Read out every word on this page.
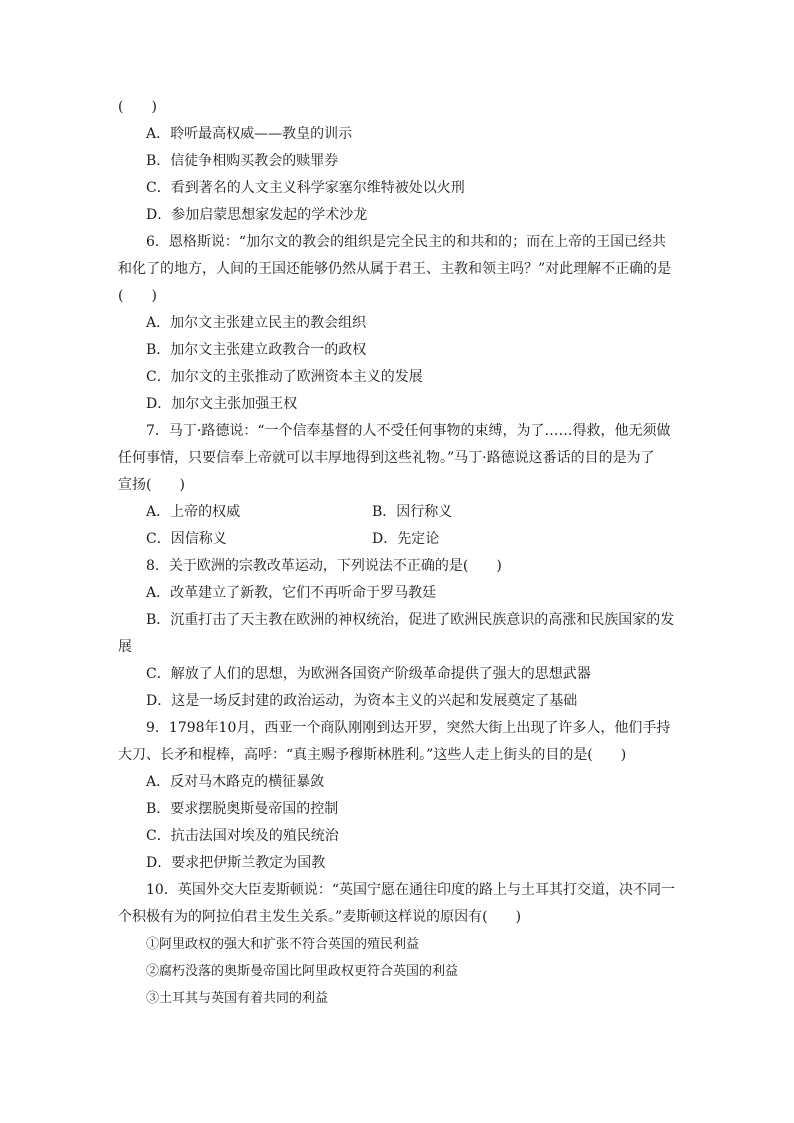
(　　)
A．聆听最高权威——教皇的训示
B．信徒争相购买教会的赎罪券
C．看到著名的人文主义科学家塞尔维特被处以火刑
D．参加启蒙思想家发起的学术沙龙
6．恩格斯说：“加尔文的教会的组织是完全民主的和共和的；而在上帝的王国已经共
和化了的地方，人间的王国还能够仍然从属于君王、主教和领主吗？”对此理解不正确的是
(　　)
A．加尔文主张建立民主的教会组织
B．加尔文主张建立政教合一的政权
C．加尔文的主张推动了欧洲资本主义的发展
D．加尔文主张加强王权
7．马丁·路德说：“一个信奉基督的人不受任何事物的束缚，为了……得救，他无须做
任何事情，只要信奉上帝就可以丰厚地得到这些礼物。”马丁·路德说这番话的目的是为了
宣扬(　　)
A．上帝的权威	B．因行称义
C．因信称义	D．先定论
8．关于欧洲的宗教改革运动，下列说法不正确的是(　　)
A．改革建立了新教，它们不再听命于罗马教廷
B．沉重打击了天主教在欧洲的神权统治，促进了欧洲民族意识的高涨和民族国家的发
展
C．解放了人们的思想，为欧洲各国资产阶级革命提供了强大的思想武器
D．这是一场反封建的政治运动，为资本主义的兴起和发展奠定了基础
9．1798年10月，西亚一个商队刚刚到达开罗，突然大街上出现了许多人，他们手持
大刀、长矛和棍棒，高呼：“真主赐予穆斯林胜利。”这些人走上街头的目的是(　　)
A．反对马木路克的横征暴敛
B．要求摆脱奥斯曼帝国的控制
C．抗击法国对埃及的殖民统治
D．要求把伊斯兰教定为国教
10．英国外交大臣麦斯顿说：“英国宁愿在通往印度的路上与土耳其打交道，决不同一
个积极有为的阿拉伯君主发生关系。”麦斯顿这样说的原因有(　　)
①阿里政权的强大和扩张不符合英国的殖民利益
②腐朽没落的奥斯曼帝国比阿里政权更符合英国的利益
③土耳其与英国有着共同的利益
